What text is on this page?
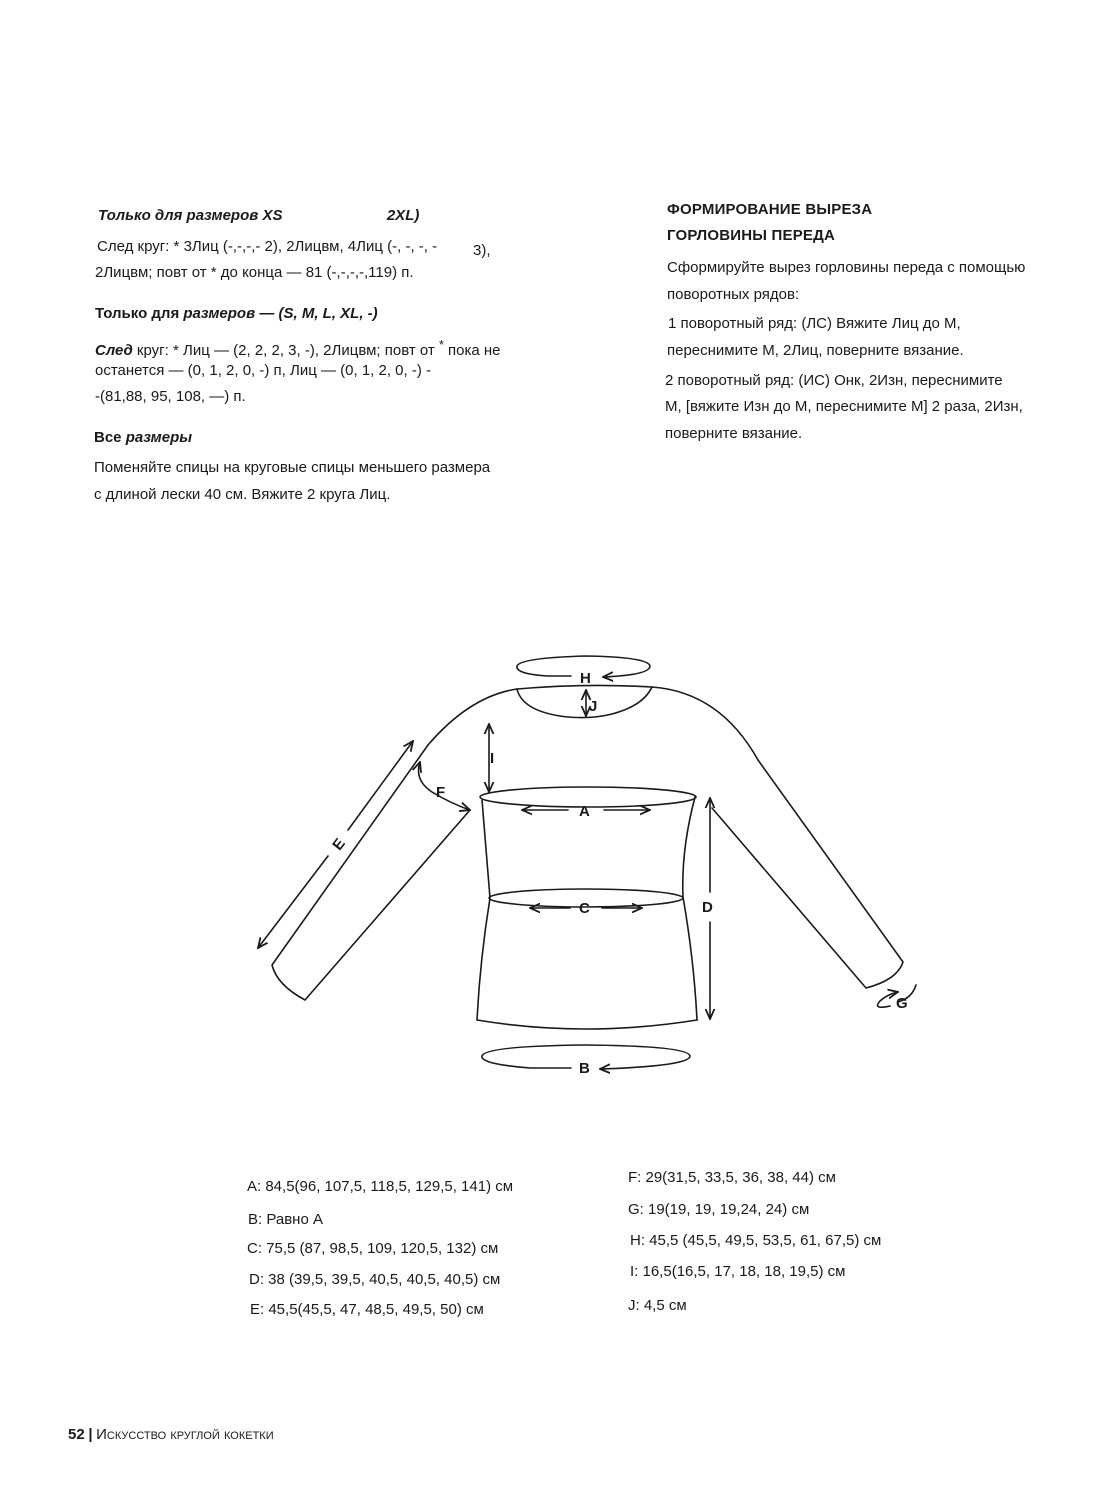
Только для размеров XS	2XL)
След круг: * 3Лиц (-,-,-,- 2), 2Лицвм, 4Лиц (-, -, -, - 3),
2Лицвм; повт от * до конца — 81 (-,-,-,-,119) п.
Только для размеров — (S, M, L, XL, -)
След круг: * Лиц — (2, 2, 2, 3, -), 2Лицвм; повт от * пока не
останется — (0, 1, 2, 0, -) п, Лиц — (0, 1, 2, 0, -) -
-(81,88, 95, 108, —) п.
Все размеры
Поменяйте спицы на круговые спицы меньшего размера
с длиной лески 40 см. Вяжите 2 круга Лиц.
ФОРМИРОВАНИЕ ВЫРЕЗА
ГОРЛОВИНЫ ПЕРЕДА
Сформируйте вырез горловины переда с помощью
поворотных рядов:
1 поворотный ряд: (ЛС) Вяжите Лиц до М,
переснимите М, 2Лиц, поверните вязание.
2 поворотный ряд: (ИС) Онк, 2Изн, переснимите
М, [вяжите Изн до М, переснимите М] 2 раза, 2Изн,
поверните вязание.
H
J
I
F
A
E
C	D
G
B
A: 84,5(96, 107,5, 118,5, 129,5, 141) см
B: Равно А
C: 75,5 (87, 98,5, 109, 120,5, 132) см
D: 38 (39,5, 39,5, 40,5, 40,5, 40,5) см
E: 45,5(45,5, 47, 48,5, 49,5, 50) см
F: 29(31,5, 33,5, 36, 38, 44) см
G: 19(19, 19, 19,24, 24) см
H: 45,5 (45,5, 49,5, 53,5, 61, 67,5) см
I: 16,5(16,5, 17, 18, 18, 19,5) см
J: 4,5 см
52 | Искусство круглой кокетки
